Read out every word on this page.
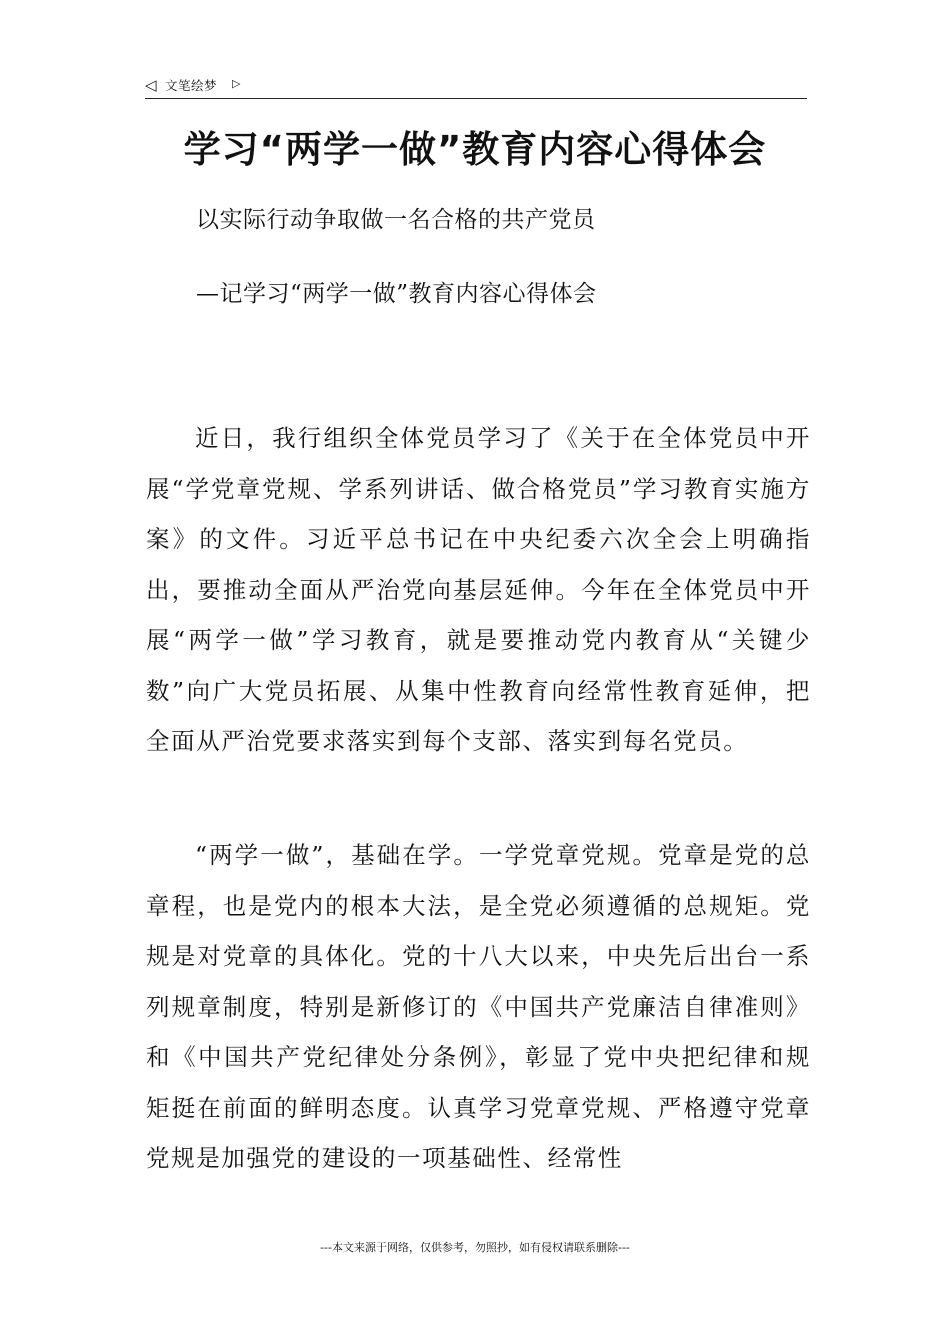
◁ 文笔绘梦 ▷
学习“两学一做”教育内容心得体会
以实际行动争取做一名合格的共产党员
—记学习“两学一做”教育内容心得体会

近日，我行组织全体党员学习了《关于在全体党员中开展“学党章党规、学系列讲话、做合格党员”学习教育实施方案》的文件。习近平总书记在中央纪委六次全会上明确指出，要推动全面从严治党向基层延伸。今年在全体党员中开展“两学一做”学习教育，就是要推动党内教育从“关键少数”向广大党员拓展、从集中性教育向经常性教育延伸，把全面从严治党要求落实到每个支部、落实到每名党员。

“两学一做”，基础在学。一学党章党规。党章是党的总章程，也是党内的根本大法，是全党必须遵循的总规矩。党规是对党章的具体化。党的十八大以来，中央先后出台一系列规章制度，特别是新修订的《中国共产党廉洁自律准则》和《中国共产党纪律处分条例》，彰显了党中央把纪律和规矩挺在前面的鲜明态度。认真学习党章党规、严格遵守党章党规是加强党的建设的一项基础性、经常性

---本文来源于网络，仅供参考，勿照抄，如有侵权请联系删除---
